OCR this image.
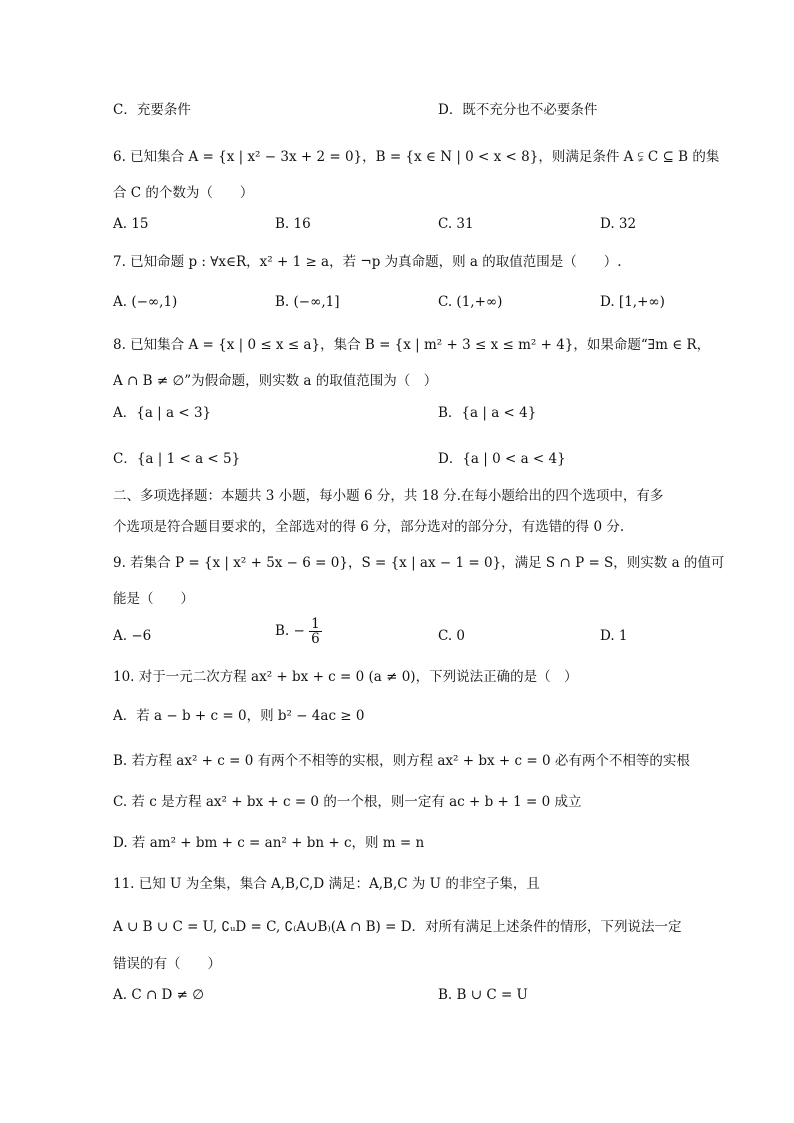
C．充要条件	D．既不充分也不必要条件
6. 已知集合 A = {x | x² − 3x + 2 = 0}，B = {x ∈ N | 0 < x < 8}，则满足条件 A ⫋ C ⊆ B 的集
合 C 的个数为（　　）
A. 15	B. 16	C. 31	D. 32
7. 已知命题 p : ∀x∈R，x² + 1 ≥ a，若 ¬p 为真命题，则 a 的取值范围是（　　）.
A. (−∞,1)	B. (−∞,1]	C. (1,+∞)	D. [1,+∞)
8. 已知集合 A = {x | 0 ≤ x ≤ a}，集合 B = {x | m² + 3 ≤ x ≤ m² + 4}，如果命题“∃m ∈ R，
A ∩ B ≠ ∅”为假命题，则实数 a 的取值范围为（　）
A．{a | a < 3}	B．{a | a < 4}
C．{a | 1 < a < 5}	D．{a | 0 < a < 4}
二、多项选择题：本题共 3 小题，每小题 6 分，共 18 分.在每小题给出的四个选项中，有多
个选项是符合题目要求的，全部选对的得 6 分，部分选对的部分分，有选错的得 0 分.
9. 若集合 P = {x | x² + 5x − 6 = 0}，S = {x | ax − 1 = 0}，满足 S ∩ P = S，则实数 a 的值可
能是（　　）
A. −6	B. − $\frac{1}{6}$	C. 0	D. 1
10. 对于一元二次方程 ax² + bx + c = 0 (a ≠ 0)，下列说法正确的是（　）
A．若 a − b + c = 0，则 b² − 4ac ≥ 0
B. 若方程 ax² + c = 0 有两个不相等的实根，则方程 ax² + bx + c = 0 必有两个不相等的实根
C. 若 c 是方程 ax² + bx + c = 0 的一个根，则一定有 ac + b + 1 = 0 成立
D. 若 am² + bm + c = an² + bn + c，则 m = n
11. 已知 U 为全集，集合 A,B,C,D 满足：A,B,C 为 U 的非空子集，且
A ∪ B ∪ C = U, ∁ᵤD = C, ∁₍A∪B₎(A ∩ B) = D．对所有满足上述条件的情形，下列说法一定
错误的有（　　）
A. C ∩ D ≠ ∅	B. B ∪ C = U
